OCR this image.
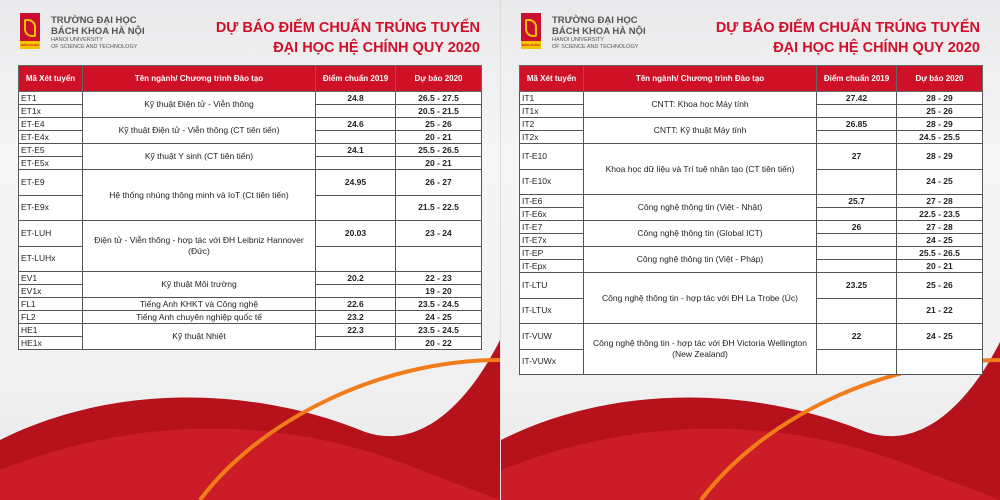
BÁCH KHOA
TRƯỜNG ĐẠI HỌC
BÁCH KHOA HÀ NỘI
HANOI UNIVERSITY
OF SCIENCE AND TECHNOLOGY
DỰ BÁO ĐIỂM CHUẨN TRÚNG TUYỂN
ĐẠI HỌC HỆ CHÍNH QUY 2020
Mã Xét tuyển	Tên ngành/ Chương trình Đào tạo	Điểm chuẩn 2019	Dự báo 2020
ET1	Kỹ thuật Điện tử - Viễn thông	24.8	26.5 - 27.5
ET1x			20.5 - 21.5
ET-E4	Kỹ thuật Điện tử - Viễn thông (CT tiên tiến)	24.6	25 - 26
ET-E4x			20 - 21
ET-E5	Kỹ thuật Y sinh (CT tiên tiến)	24.1	25.5 - 26.5
ET-E5x			20 - 21
ET-E9	Hệ thống nhúng thông minh và IoT (Ct tiên tiến)	24.95	26 - 27
ET-E9x			21.5 - 22.5
ET-LUH	Điện tử - Viễn thông - hợp tác với ĐH Leibniz Hannover (Đức)	20.03	23 - 24
ET-LUHx			
EV1	Kỹ thuật Môi trường	20.2	22 - 23
EV1x			19 - 20
FL1	Tiếng Anh KHKT và Công nghệ	22.6	23.5 - 24.5
FL2	Tiếng Anh chuyên nghiệp quốc tế	23.2	24 - 25
HE1	Kỹ thuật Nhiệt	22.3	23.5 - 24.5
HE1x			20 - 22
BÁCH KHOA
TRƯỜNG ĐẠI HỌC
BÁCH KHOA HÀ NỘI
HANOI UNIVERSITY
OF SCIENCE AND TECHNOLOGY
DỰ BÁO ĐIỂM CHUẨN TRÚNG TUYỂN
ĐẠI HỌC HỆ CHÍNH QUY 2020
Mã Xét tuyển	Tên ngành/ Chương trình Đào tạo	Điểm chuẩn 2019	Dự báo 2020
IT1	CNTT: Khoa học Máy tính	27.42	28 - 29
IT1x			25 - 26
IT2	CNTT: Kỹ thuật Máy tính	26.85	28 - 29
IT2x			24.5 - 25.5
IT-E10	Khoa học dữ liệu và Trí tuệ nhân tạo (CT tiên tiến)	27	28 - 29
IT-E10x			24 - 25
IT-E6	Công nghệ thông tin (Việt - Nhật)	25.7	27 - 28
IT-E6x			22.5 - 23.5
IT-E7	Công nghệ thông tin (Global ICT)	26	27 - 28
IT-E7x			24 - 25
IT-EP	Công nghệ thông tin (Việt - Pháp)		25.5 - 26.5
IT-Epx			20 - 21
IT-LTU	Công nghệ thông tin - hợp tác với ĐH La Trobe (Úc)	23.25	25 - 26
IT-LTUx			21 - 22
IT-VUW	Công nghệ thông tin - hợp tác với ĐH Victoria Wellington (New Zealand)	22	24 - 25
IT-VUWx			
